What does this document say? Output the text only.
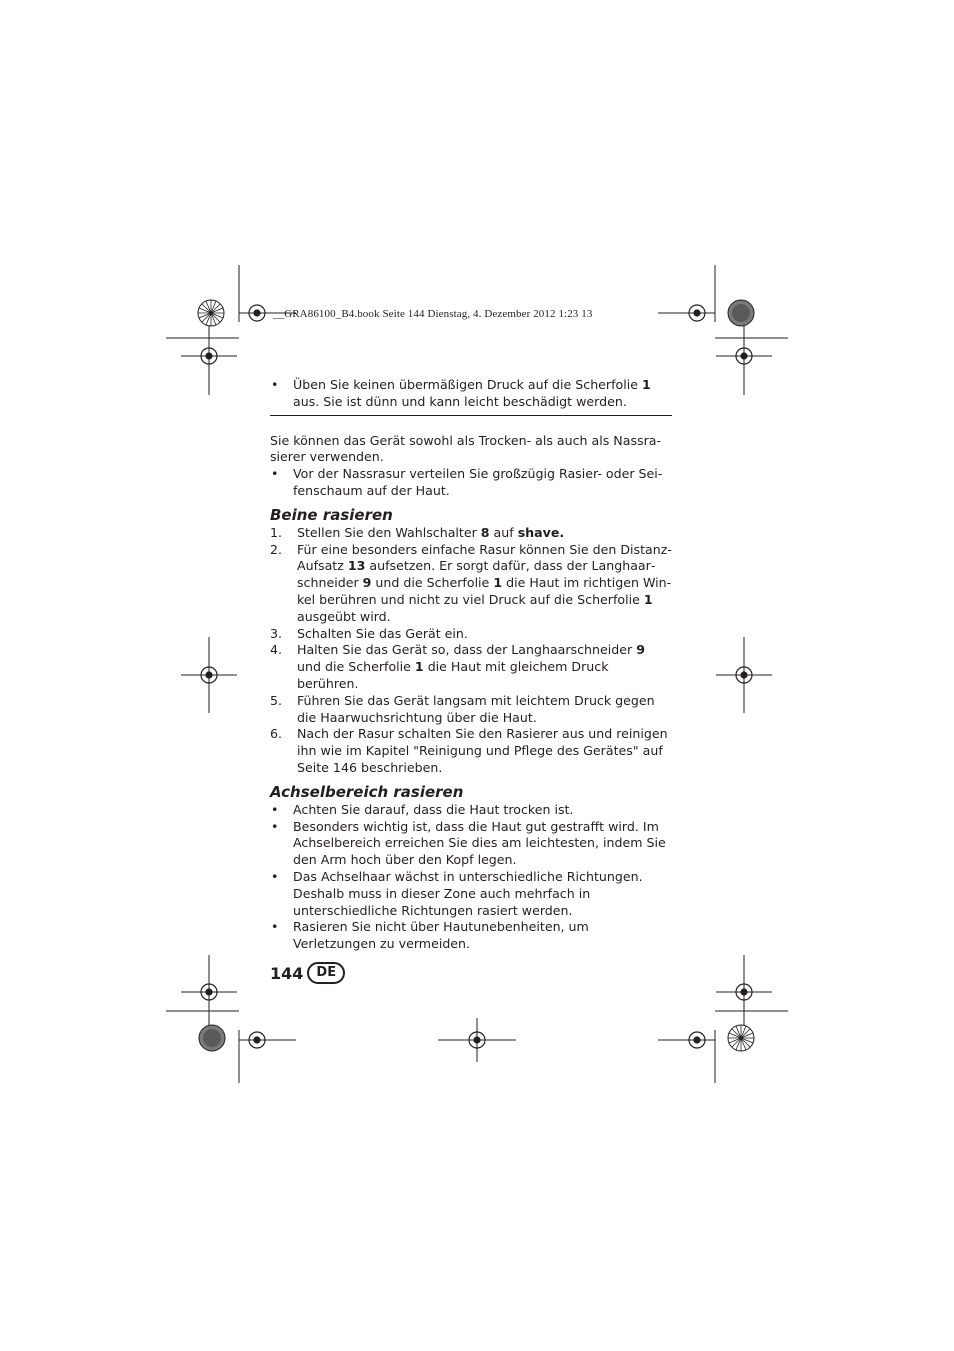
__GRA86100_B4.book Seite 144 Dienstag, 4. Dezember 2012 1:23 13
• Üben Sie keinen übermäßigen Druck auf die Scherfolie 1 aus. Sie ist dünn und kann leicht beschädigt werden.

Sie können das Gerät sowohl als Trocken- als auch als Nassrasierer verwenden.

• Vor der Nassrasur verteilen Sie großzügig Rasier- oder Seifenschaum auf der Haut.
Beine rasieren
1. Stellen Sie den Wahlschalter 8 auf shave.
2. Für eine besonders einfache Rasur können Sie den DistanzAufsatz 13 aufsetzen. Er sorgt dafür, dass der Langhaarschneider 9 und die Scherfolie 1 die Haut im richtigen Winkel berühren und nicht zu viel Druck auf die Scherfolie 1 ausgeübt wird.
3. Schalten Sie das Gerät ein.
4. Halten Sie das Gerät so, dass der Langhaarschneider 9 und die Scherfolie 1 die Haut mit gleichem Druck berühren.
5. Führen Sie das Gerät langsam mit leichtem Druck gegen die Haarwuchsrichtung über die Haut.
6. Nach der Rasur schalten Sie den Rasierer aus und reinigen ihn wie im Kapitel "Reinigung und Pflege des Gerätes" auf Seite 146 beschrieben.
Achselbereich rasieren
• Achten Sie darauf, dass die Haut trocken ist.
• Besonders wichtig ist, dass die Haut gut gestrafft wird. Im Achselbereich erreichen Sie dies am leichtesten, indem Sie den Arm hoch über den Kopf legen.
• Das Achselhaar wächst in unterschiedliche Richtungen. Deshalb muss in dieser Zone auch mehrfach in unterschiedliche Richtungen rasiert werden.
• Rasieren Sie nicht über Hautunebenheiten, um Verletzungen zu vermeiden.
144	DE
